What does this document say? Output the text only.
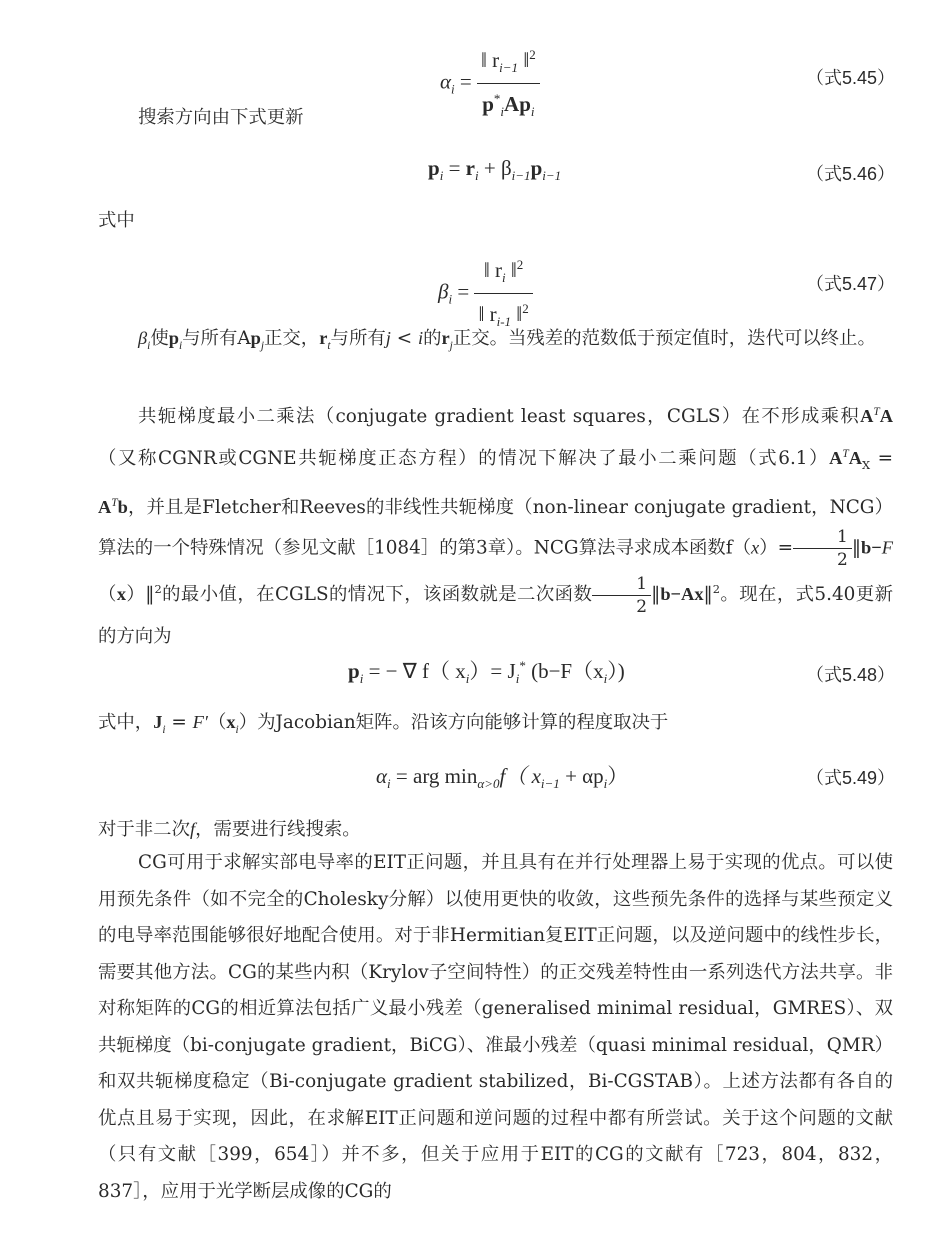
$\alpha_i = \frac{‖ r_{i-1} ‖^2}{p^*_iAp_i}$	（式5.45）
搜索方向由下式更新
$p_i = r_i + \beta_{i-1}p_{i-1}$	（式5.46）
式中
$\beta_i = \frac{‖ r_i ‖^2}{‖ r_{i-1} ‖^2}$	（式5.47）
$\beta_i$使$p_i$与所有$Ap_j$正交，$r_t$与所有j < i的$r_j$正交。当残差的范数低于预定值时，迭代可以终止。
共轭梯度最小二乘法（conjugate gradient least squares，CGLS）在不形成乘积$A^TA$（又称CGNR或CGNE共轭梯度正态方程）的情况下解决了最小二乘问题（式$6.1)A^TA_X = A^Tb$，并且是Fletcher和Reeves的非线性共轭梯度（non-linear conjugate gradient，NCG）算法的一个特殊情况（参见文献［1084］的第3章）。NCG算法寻求成本函数$f(x)= \frac{1}{2}$ ‖b−F（x）‖$^2$的最小值，在CGLS的情况下，该函数就是二次函数 $\frac{1}{2}$ ‖b−Ax‖$^2$。现在，式5.40更新的方向为
$p_i$ = − ∇ f（ $x_i)= J_i^*$ $(b-F(x_i))$	（式5.48）
式中，$J_i = F'(x_i)$为Jacobian矩阵。沿该方向能够计算的程度取决于
$\alpha_i$ = arg $\min_{\alpha>0}f$（ $x_{i-1} + \alpha p_i$）	（式5.49）
对于非二次f，需要进行线搜索。
CG可用于求解实部电导率的EIT正问题，并且具有在并行处理器上易于实现的优点。可以使用预先条件（如不完全的Cholesky分解）以使用更快的收敛，这些预先条件的选择与某些预定义的电导率范围能够很好地配合使用。对于非Hermitian复EIT正问题，以及逆问题中的线性步长，需要其他方法。CG的某些内积（Krylov子空间特性）的正交残差特性由一系列迭代方法共享。非对称矩阵的CG的相近算法包括广义最小残差（generalised minimal residual，GMRES）、双共轭梯度（bi-conjugate gradient，BiCG）、准最小残差（quasi minimal residual，QMR）和双共轭梯度稳定（Bi-conjugate gradient stabilized，Bi-CGSTAB）。上述方法都有各自的优点且易于实现，因此，在求解EIT正问题和逆问题的过程中都有所尝试。关于这个问题的文献（只有文献［399，654］）并不多，但关于应用于EIT的CG的文献有［723，804，832，837］，应用于光学断层成像的CG的
